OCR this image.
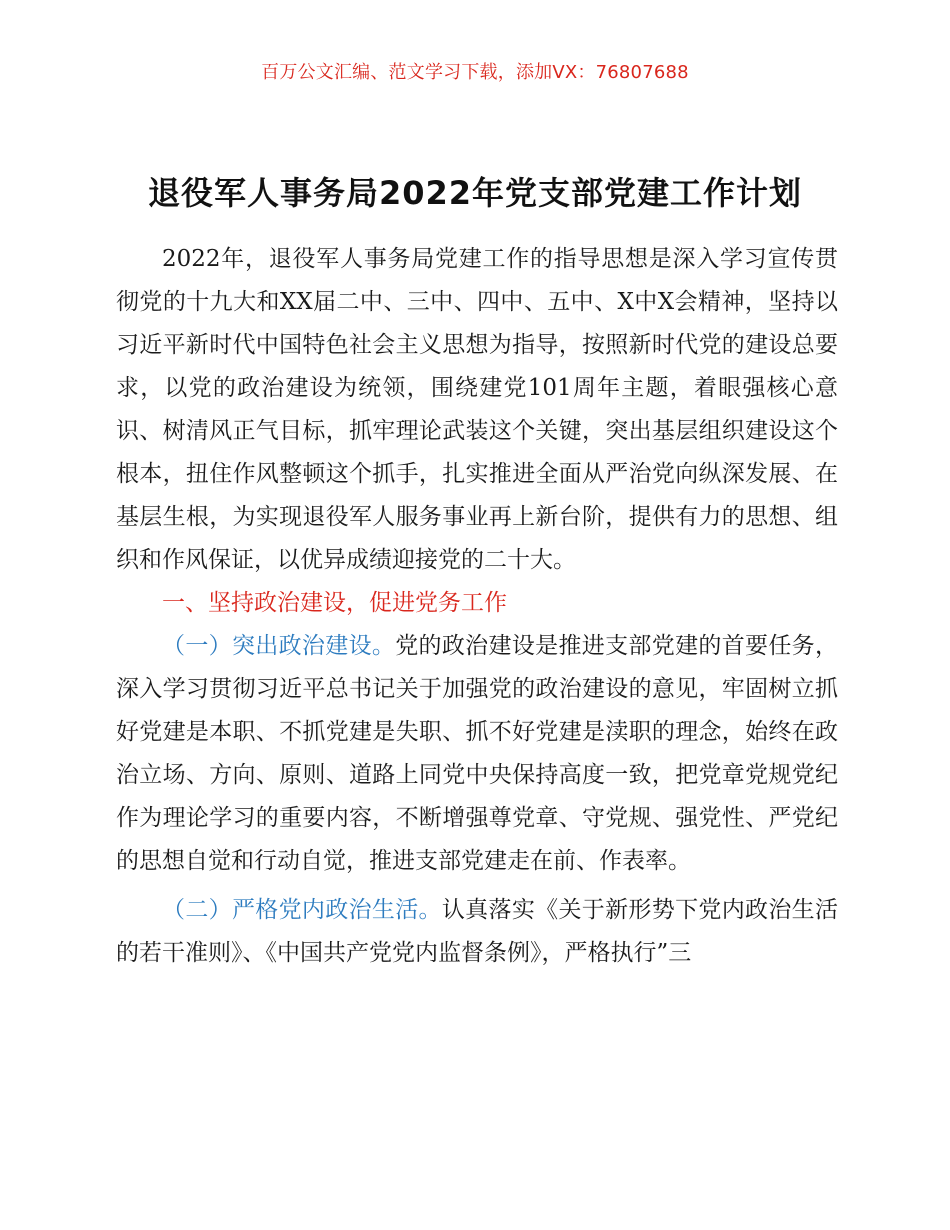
百万公文汇编、范文学习下载，添加VX：76807688
退役军人事务局2022年党支部党建工作计划

2022年，退役军人事务局党建工作的指导思想是深入学习宣传贯彻党的十九大和XX届二中、三中、四中、五中、X中X会精神，坚持以习近平新时代中国特色社会主义思想为指导，按照新时代党的建设总要求，以党的政治建设为统领，围绕建党101周年主题，着眼强核心意识、树清风正气目标，抓牢理论武装这个关键，突出基层组织建设这个根本，扭住作风整顿这个抓手，扎实推进全面从严治党向纵深发展、在基层生根，为实现退役军人服务事业再上新台阶，提供有力的思想、组织和作风保证，以优异成绩迎接党的二十大。

一、坚持政治建设，促进党务工作

（一）突出政治建设。党的政治建设是推进支部党建的首要任务，深入学习贯彻习近平总书记关于加强党的政治建设的意见，牢固树立抓好党建是本职、不抓党建是失职、抓不好党建是渎职的理念，始终在政治立场、方向、原则、道路上同党中央保持高度一致，把党章党规党纪作为理论学习的重要内容，不断增强尊党章、守党规、强党性、严党纪的思想自觉和行动自觉，推进支部党建走在前、作表率。

（二）严格党内政治生活。认真落实《关于新形势下党内政治生活的若干准则》、《中国共产党党内监督条例》，严格执行”三
